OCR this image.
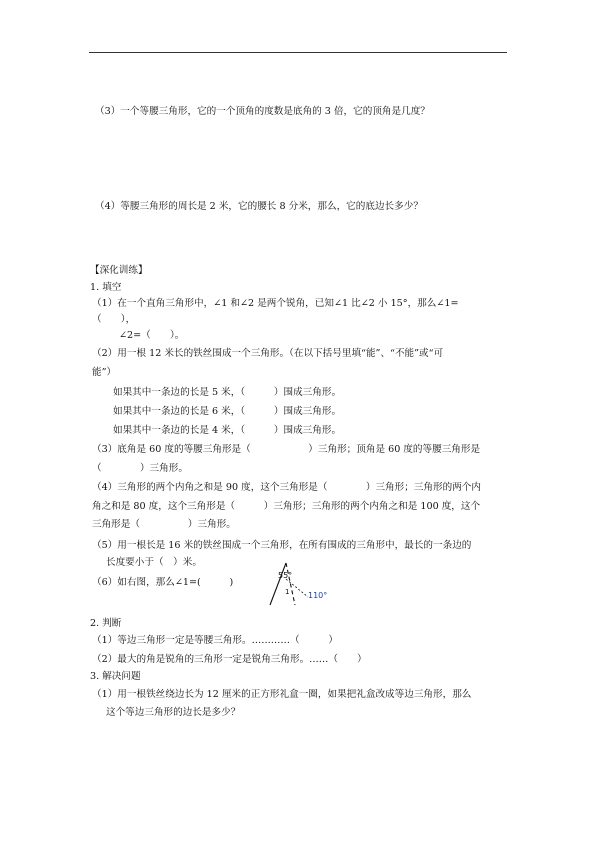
（3）一个等腰三角形，它的一个顶角的度数是底角的 3 倍，它的顶角是几度？
（4）等腰三角形的周长是 2 米，它的腰长 8 分米，那么，它的底边长多少？
【深化训练】
1. 填空
（1）在一个直角三角形中，∠1 和∠2 是两个锐角，已知∠1 比∠2 小 15°，那么∠1=
（　　），
∠2=（　　）。
（2）用一根 12 米长的铁丝围成一个三角形。（在以下括号里填“能”、“不能”或“可
能”）
如果其中一条边的长是 5 米，（　　　）围成三角形。
如果其中一条边的长是 6 米，（　　　）围成三角形。
如果其中一条边的长是 4 米，（　　　）围成三角形。
（3）底角是 60 度的等腰三角形是（　　　　　　）三角形；顶角是 60 度的等腰三角形是
（　　　　）三角形。
（4）三角形的两个内角之和是 90 度，这个三角形是（　　　　）三角形；三角形的两个内
角之和是 80 度，这个三角形是（　　　）三角形；三角形的两个内角之和是 100 度，这个
三角形是（　　　　　）三角形。
（5）用一根长是 16 米的铁丝围成一个三角形，在所有围成的三角形中，最长的一条边的
长度要小于（　）米。
（6）如右图，那么∠1=(　　　)
55°
110°
1
2. 判断
（1）等边三角形一定是等腰三角形。…………（　　　）
（2）最大的角是锐角的三角形一定是锐角三角形。……（　　）
3. 解决问题
（1）用一根铁丝绕边长为 12 厘米的正方形礼盒一圈，如果把礼盒改成等边三角形，那么
这个等边三角形的边长是多少？
